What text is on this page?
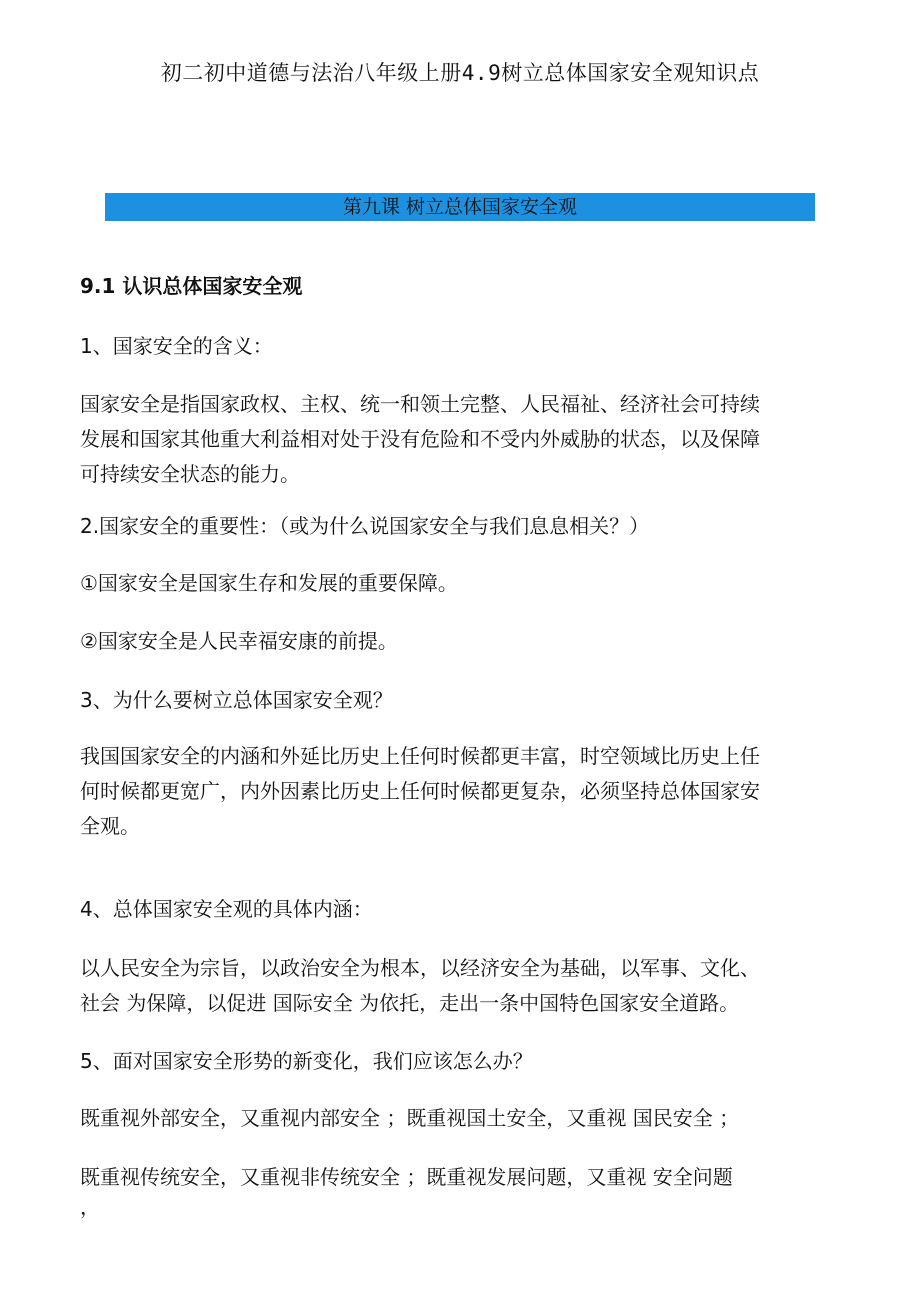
初二初中道德与法治八年级上册4.9树立总体国家安全观知识点
第九课 树立总体国家安全观
9.1 认识总体国家安全观
1、国家安全的含义：
国家安全是指国家政权、主权、统一和领土完整、人民福祉、经济社会可持续
发展和国家其他重大利益相对处于没有危险和不受内外威胁的状态，以及保障
可持续安全状态的能力。
2.国家安全的重要性：（或为什么说国家安全与我们息息相关？）
①国家安全是国家生存和发展的重要保障。
②国家安全是人民幸福安康的前提。
3、为什么要树立总体国家安全观？
我国国家安全的内涵和外延比历史上任何时候都更丰富，时空领域比历史上任
何时候都更宽广，内外因素比历史上任何时候都更复杂，必须坚持总体国家安
全观。
4、总体国家安全观的具体内涵：
以人民安全为宗旨，以政治安全为根本，以经济安全为基础，以军事、文化、
社会 为保障，以促进 国际安全 为依托，走出一条中国特色国家安全道路。
5、面对国家安全形势的新变化，我们应该怎么办？
既重视外部安全，又重视内部安全 ；既重视国土安全，又重视 国民安全 ；
既重视传统安全，又重视非传统安全 ；既重视发展问题，又重视 安全问题
，
